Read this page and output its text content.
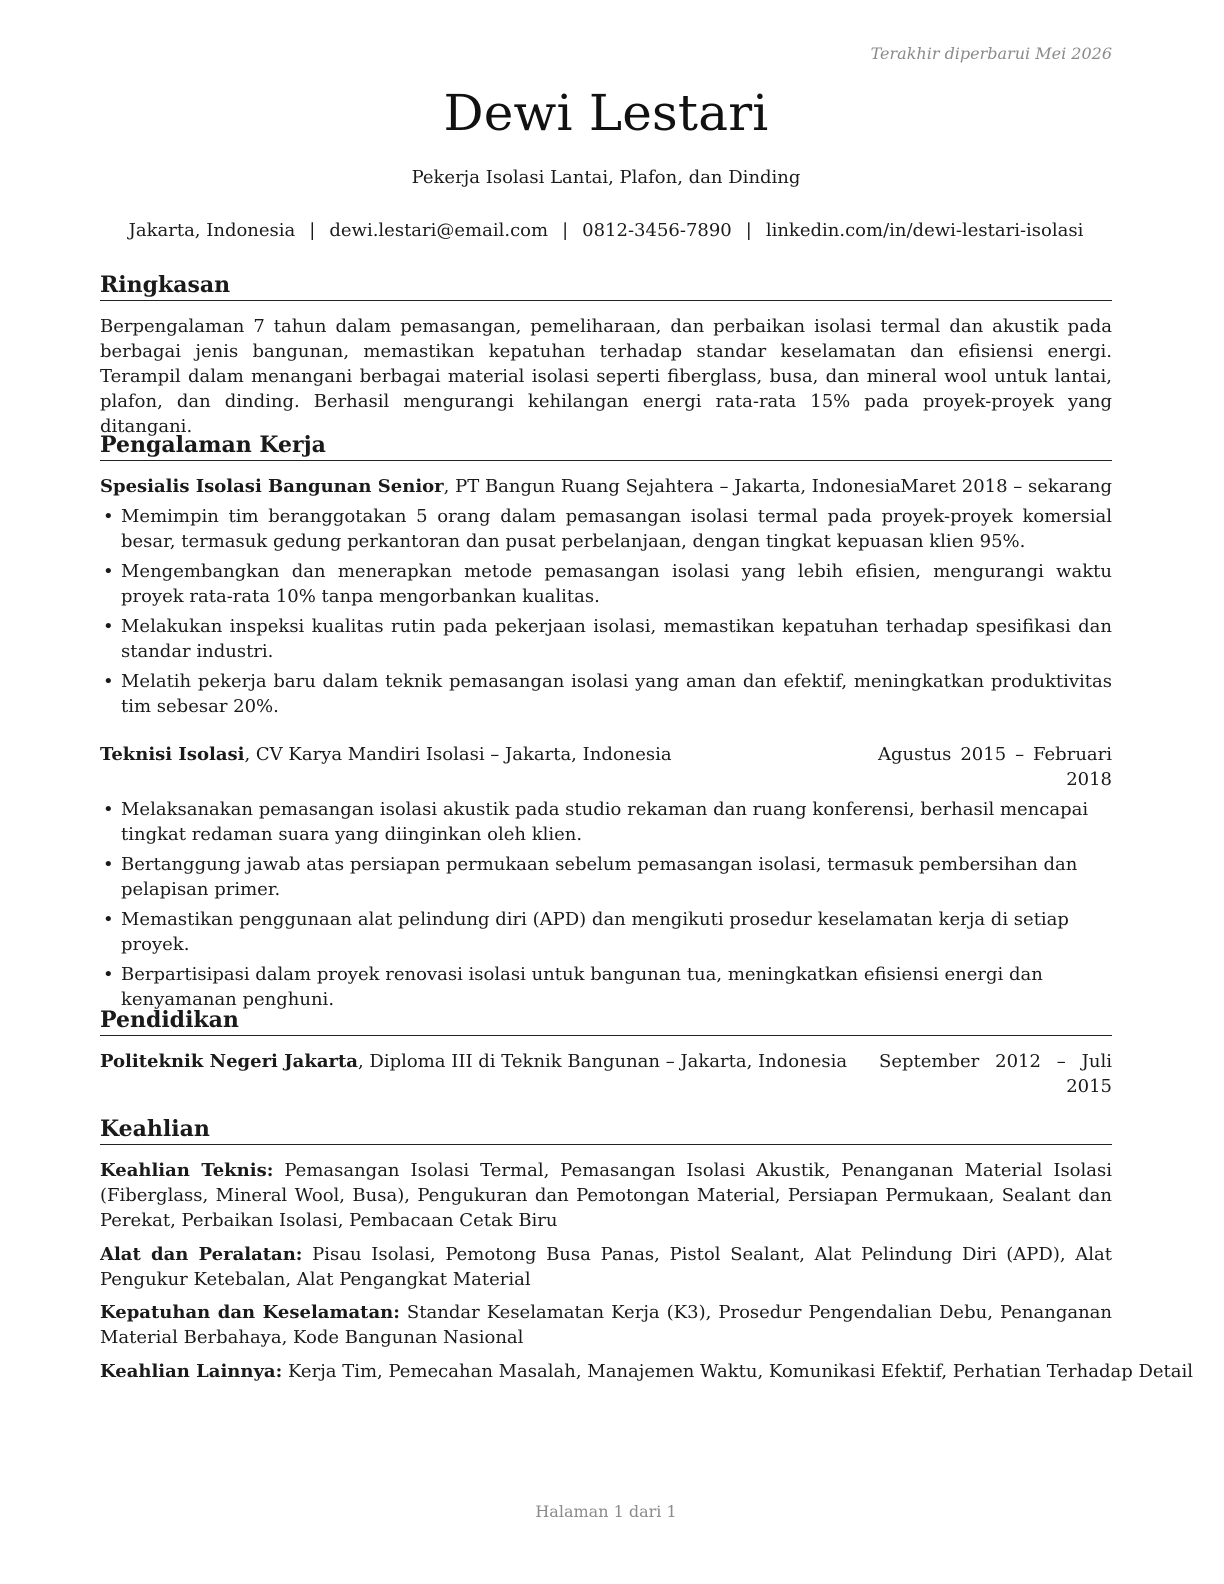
Terakhir diperbarui Mei 2026
Dewi Lestari
Pekerja Isolasi Lantai, Plafon, dan Dinding
Jakarta, Indonesia | dewi.lestari@email.com | 0812-3456-7890 | linkedin.com/in/dewi-lestari-isolasi
Ringkasan
Berpengalaman 7 tahun dalam pemasangan, pemeliharaan, dan perbaikan isolasi termal dan akustik pada berbagai jenis bangunan, memastikan kepatuhan terhadap standar keselamatan dan efisiensi energi. Terampil dalam menangani berbagai material isolasi seperti fiberglass, busa, dan mineral wool untuk lantai, plafon, dan dinding. Berhasil mengurangi kehilangan energi rata-rata 15% pada proyek-proyek yang ditangani.
Pengalaman Kerja
Spesialis Isolasi Bangunan Senior, PT Bangun Ruang Sejahtera – Jakarta, Indonesia Maret 2018 – sekarang
• Memimpin tim beranggotakan 5 orang dalam pemasangan isolasi termal pada proyek-proyek komersial besar, termasuk gedung perkantoran dan pusat perbelanjaan, dengan tingkat kepuasan klien 95%.
• Mengembangkan dan menerapkan metode pemasangan isolasi yang lebih efisien, mengurangi waktu proyek rata-rata 10% tanpa mengorbankan kualitas.
• Melakukan inspeksi kualitas rutin pada pekerjaan isolasi, memastikan kepatuhan terhadap spesifikasi dan standar industri.
• Melatih pekerja baru dalam teknik pemasangan isolasi yang aman dan efektif, meningkatkan produktivitas tim sebesar 20%.
Teknisi Isolasi, CV Karya Mandiri Isolasi – Jakarta, Indonesia	Agustus 2015 – Februari
2018
• Melaksanakan pemasangan isolasi akustik pada studio rekaman dan ruang konferensi, berhasil mencapai tingkat redaman suara yang diinginkan oleh klien.
• Bertanggung jawab atas persiapan permukaan sebelum pemasangan isolasi, termasuk pembersihan dan pelapisan primer.
• Memastikan penggunaan alat pelindung diri (APD) dan mengikuti prosedur keselamatan kerja di setiap proyek.
• Berpartisipasi dalam proyek renovasi isolasi untuk bangunan tua, meningkatkan efisiensi energi dan kenyamanan penghuni.
Pendidikan
Politeknik Negeri Jakarta, Diploma III di Teknik Bangunan – Jakarta, Indonesia September 2012 – Juli
2015
Keahlian
Keahlian Teknis: Pemasangan Isolasi Termal, Pemasangan Isolasi Akustik, Penanganan Material Isolasi (Fiberglass, Mineral Wool, Busa), Pengukuran dan Pemotongan Material, Persiapan Permukaan, Sealant dan Perekat, Perbaikan Isolasi, Pembacaan Cetak Biru
Alat dan Peralatan: Pisau Isolasi, Pemotong Busa Panas, Pistol Sealant, Alat Pelindung Diri (APD), Alat Pengukur Ketebalan, Alat Pengangkat Material
Kepatuhan dan Keselamatan: Standar Keselamatan Kerja (K3), Prosedur Pengendalian Debu, Penanganan Material Berbahaya, Kode Bangunan Nasional
Keahlian Lainnya: Kerja Tim, Pemecahan Masalah, Manajemen Waktu, Komunikasi Efektif, Perhatian Terhadap Detail
Halaman 1 dari 1
